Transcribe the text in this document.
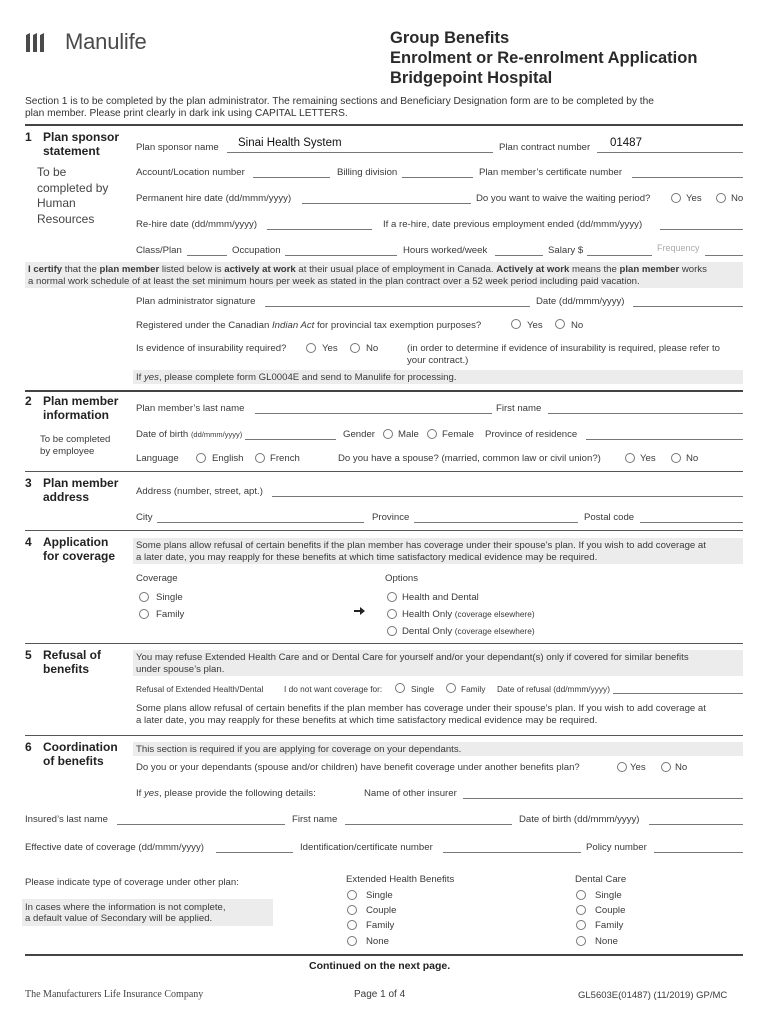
Manulife	Group Benefits
Enrolment or Re-enrolment Application
Bridgepoint Hospital
Section 1 is to be completed by the plan administrator. The remaining sections and Beneficiary Designation form are to be completed by the
plan member. Please print clearly in dark ink using CAPITAL LETTERS.
1 Plan sponsor
statement
To be
completed by
Human
Resources
Plan sponsor name Sinai Health System	Plan contract number 01487
Account/Location number	Billing division	Plan member’s certificate number
Permanent hire date (dd/mmm/yyyy)	Do you want to waive the waiting period?	Yes	No
Re-hire date (dd/mmm/yyyy)	If a re-hire, date previous employment ended (dd/mmm/yyyy)
Class/Plan	Occupation	Hours worked/week	Salary $	Frequency
I certify that the plan member listed below is actively at work at their usual place of employment in Canada. Actively at work means the plan member works
a normal work schedule of at least the set minimum hours per week as stated in the plan contract over a 52 week period including paid vacation.
Plan administrator signature	Date (dd/mmm/yyyy)
Registered under the Canadian Indian Act for provincial tax exemption purposes?	Yes	No
Is evidence of insurability required?	Yes	No	(in order to determine if evidence of insurability is required, please refer to
your contract.)
If yes, please complete form GL0004E and send to Manulife for processing.
2 Plan member
information
To be completed
by employee
Plan member’s last name	First name
Date of birth (dd/mmm/yyyy)	Gender Male Female Province of residence
Language	English	French	Do you have a spouse? (married, common law or civil union?)	Yes	No
3 Plan member
address	Address (number, street, apt.)
City	Province	Postal code
4 Application
for coverage
Some plans allow refusal of certain benefits if the plan member has coverage under their spouse’s plan. If you wish to add coverage at
a later date, you may reapply for these benefits at which time satisfactory medical evidence may be required.
Coverage
Single
Family
Options
Health and Dental
Health Only (coverage elsewhere)
Dental Only (coverage elsewhere)
5 Refusal of
benefits
You may refuse Extended Health Care and or Dental Care for yourself and/or your dependant(s) only if covered for similar benefits
under spouse’s plan.
Refusal of Extended Health/Dental I do not want coverage for:	Single	Family Date of refusal (dd/mmm/yyyy)
Some plans allow refusal of certain benefits if the plan member has coverage under their spouse’s plan. If you wish to add coverage at
a later date, you may reapply for these benefits at which time satisfactory medical evidence may be required.
6 Coordination
of benefits
This section is required if you are applying for coverage on your dependants.
Do you or your dependants (spouse and/or children) have benefit coverage under another benefits plan?	Yes	No
If yes, please provide the following details:	Name of other insurer
Insured’s last name	First name	Date of birth (dd/mmm/yyyy)
Effective date of coverage (dd/mmm/yyyy)	Identification/certificate number	Policy number
Please indicate type of coverage under other plan:
In cases where the information is not complete,
a default value of Secondary will be applied.
Extended Health Benefits
Single
Couple
Family
None
Dental Care
Single
Couple
Family
None
Continued on the next page.
The Manufacturers Life Insurance Company	Page 1 of 4	GL5603E(01487) (11/2019) GP/MC
